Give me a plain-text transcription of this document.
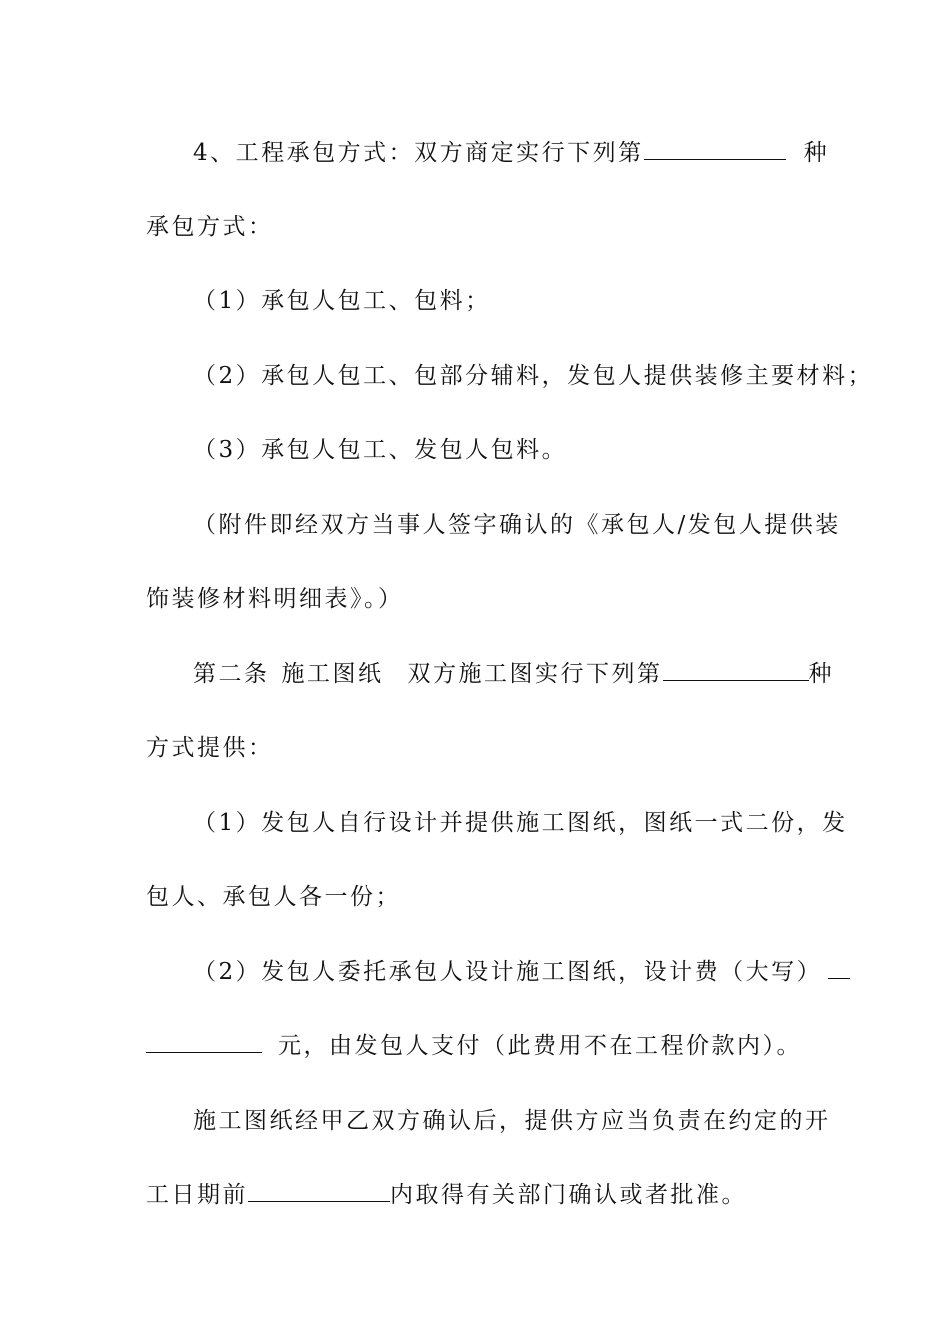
4、工程承包方式：双方商定实行下列第	种
承包方式：
（1）承包人包工、包料；
（2）承包人包工、包部分辅料，发包人提供装修主要材料；
（3）承包人包工、发包人包料。
（附件即经双方当事人签字确认的《承包人/发包人提供装
饰装修材料明细表》。）
第二条 施工图纸 双方施工图实行下列第	种
方式提供：
（1）发包人自行设计并提供施工图纸，图纸一式二份，发
包人、承包人各一份；
（2）发包人委托承包人设计施工图纸，设计费（大写）
元，由发包人支付（此费用不在工程价款内）。
施工图纸经甲乙双方确认后，提供方应当负责在约定的开
工日期前	内取得有关部门确认或者批准。
